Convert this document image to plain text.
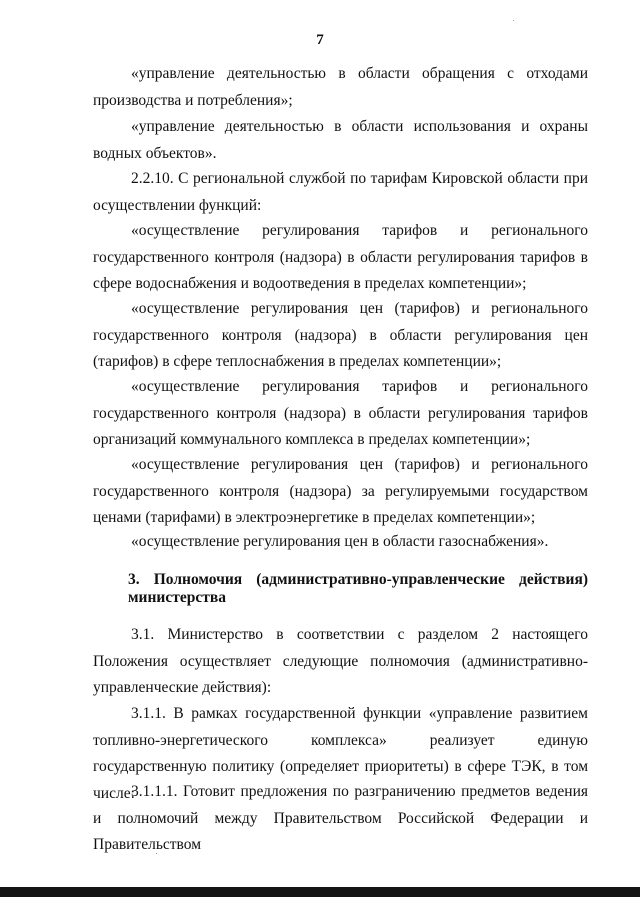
7
«управление деятельностью в области обращения с отходами производства и потребления»;
«управление деятельностью в области использования и охраны водных объектов».
2.2.10. С региональной службой по тарифам Кировской области при осуществлении функций:
«осуществление регулирования тарифов и регионального государственного контроля (надзора) в области регулирования тарифов в сфере водоснабжения и водоотведения в пределах компетенции»;
«осуществление регулирования цен (тарифов) и регионального государственного контроля (надзора) в области регулирования цен (тарифов) в сфере теплоснабжения в пределах компетенции»;
«осуществление регулирования тарифов и регионального государственного контроля (надзора) в области регулирования тарифов организаций коммунального комплекса в пределах компетенции»;
«осуществление регулирования цен (тарифов) и регионального государственного контроля (надзора) за регулируемыми государством ценами (тарифами) в электроэнергетике в пределах компетенции»;
«осуществление регулирования цен в области газоснабжения».
3. Полномочия (административно-управленческие действия) министерства
3.1. Министерство в соответствии с разделом 2 настоящего Положения осуществляет следующие полномочия (административно-управленческие действия):
3.1.1. В рамках государственной функции «управление развитием топливно-энергетического комплекса» реализует единую государственную политику (определяет приоритеты) в сфере ТЭК, в том числе:
3.1.1.1. Готовит предложения по разграничению предметов ведения и полномочий между Правительством Российской Федерации и Правительством
